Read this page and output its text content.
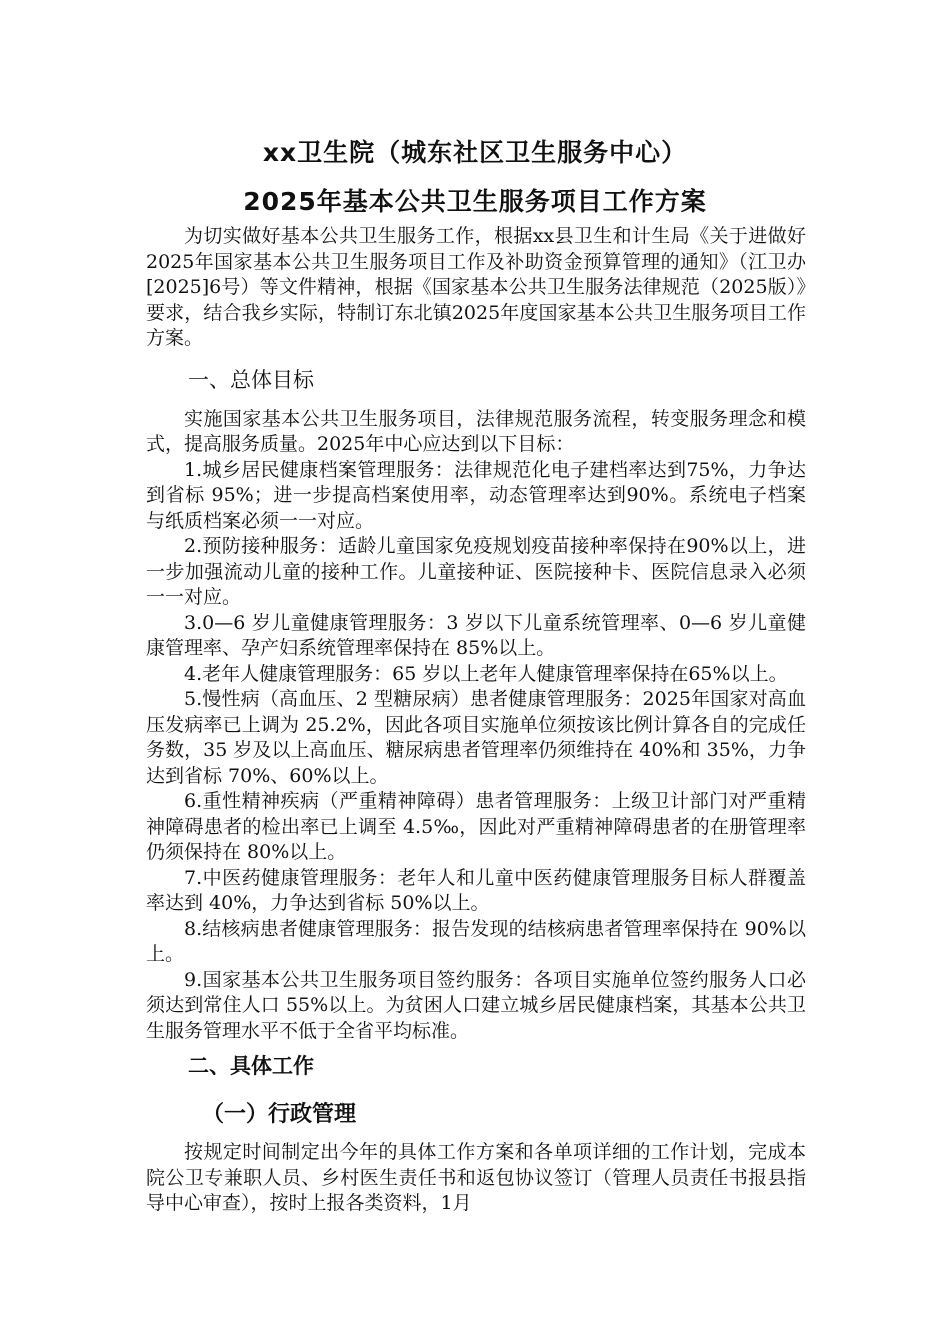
xx卫生院（城东社区卫生服务中心）
2025年基本公共卫生服务项目工作方案

为切实做好基本公共卫生服务工作，根据xx县卫生和计生局《关于进做好2025年国家基本公共卫生服务项目工作及补助资金预算管理的通知》（江卫办[2025]6号）等文件精神，根据《国家基本公共卫生服务法律规范（2025版）》要求，结合我乡实际，特制订东北镇2025年度国家基本公共卫生服务项目工作方案。

一、总体目标

实施国家基本公共卫生服务项目，法律规范服务流程，转变服务理念和模式，提高服务质量。2025年中心应达到以下目标：

1.城乡居民健康档案管理服务：法律规范化电子建档率达到75%，力争达到省标 95%；进一步提高档案使用率，动态管理率达到90%。系统电子档案与纸质档案必须一一对应。

2.预防接种服务：适龄儿童国家免疫规划疫苗接种率保持在90%以上，进一步加强流动儿童的接种工作。儿童接种证、医院接种卡、医院信息录入必须一一对应。

3.0—6 岁儿童健康管理服务：3 岁以下儿童系统管理率、0—6 岁儿童健康管理率、孕产妇系统管理率保持在 85%以上。

4.老年人健康管理服务：65 岁以上老年人健康管理率保持在65%以上。

5.慢性病（高血压、2 型糖尿病）患者健康管理服务：2025年国家对高血压发病率已上调为 25.2%，因此各项目实施单位须按该比例计算各自的完成任务数，35 岁及以上高血压、糖尿病患者管理率仍须维持在 40%和 35%，力争达到省标 70%、60%以上。

6.重性精神疾病（严重精神障碍）患者管理服务：上级卫计部门对严重精神障碍患者的检出率已上调至 4.5‰，因此对严重精神障碍患者的在册管理率仍须保持在 80%以上。

7.中医药健康管理服务：老年人和儿童中医药健康管理服务目标人群覆盖率达到 40%，力争达到省标 50%以上。

8.结核病患者健康管理服务：报告发现的结核病患者管理率保持在 90%以上。

9.国家基本公共卫生服务项目签约服务：各项目实施单位签约服务人口必须达到常住人口 55%以上。为贫困人口建立城乡居民健康档案，其基本公共卫生服务管理水平不低于全省平均标准。

二、具体工作
（一）行政管理

按规定时间制定出今年的具体工作方案和各单项详细的工作计划，完成本院公卫专兼职人员、乡村医生责任书和返包协议签订（管理人员责任书报县指导中心审查），按时上报各类资料，1月
